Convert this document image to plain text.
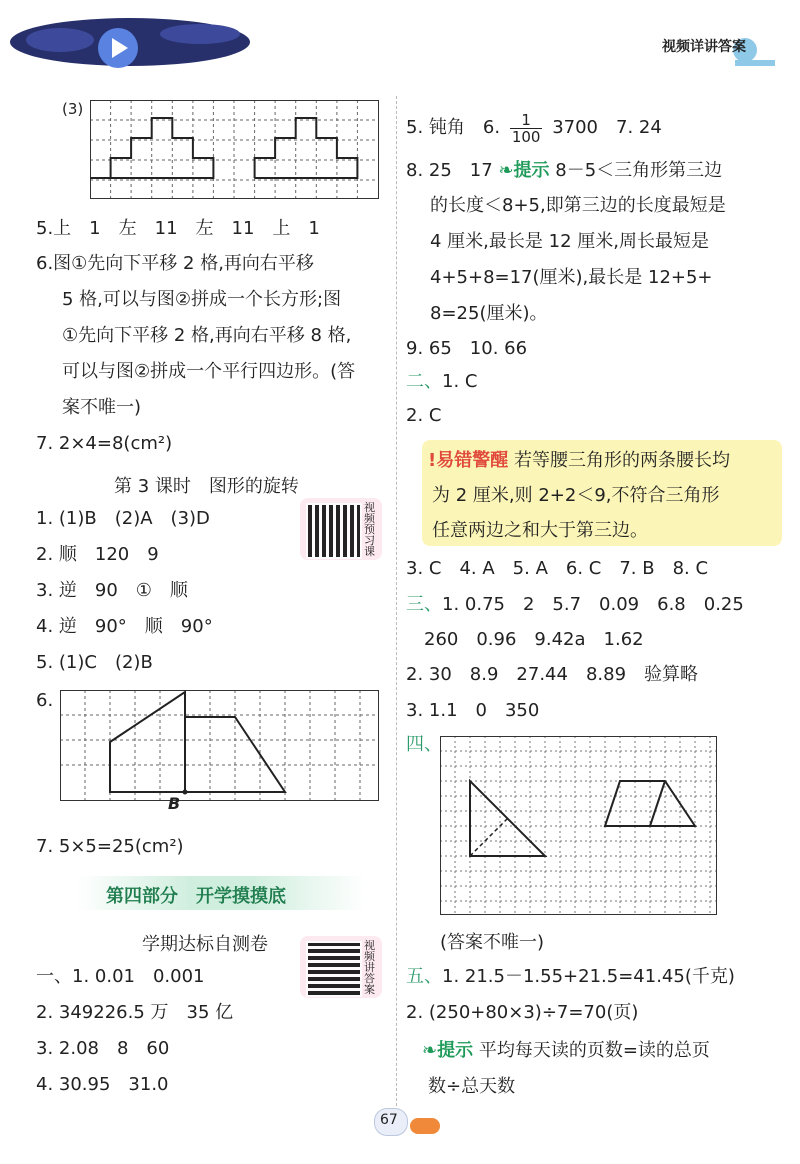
视频详讲答案
(3)
5.上　1　左　11　左　11　上　1
6.图①先向下平移 2 格,再向右平移
5 格,可以与图②拼成一个长方形;图
①先向下平移 2 格,再向右平移 8 格,
可以与图②拼成一个平行四边形。(答
案不唯一)
7. 2×4=8(cm²)
第 3 课时　图形的旋转
视频预习课
1. (1)B　(2)A　(3)D
2. 顺　120　9
3. 逆　90　①　顺
4. 逆　90°　顺　90°
5. (1)C　(2)B
6.
B
7. 5×5=25(cm²)
第四部分　开学摸摸底
学期达标自测卷	视频讲答案
一、1. 0.01　0.001
2. 349226.5 万　35 亿
3. 2.08　8　60
4. 30.95　31.0
5. 钝角　6. $\frac{1}{100} 3700$　7. 24
8. 25　17 ❧提示 8－5＜三角形第三边
的长度＜8+5,即第三边的长度最短是
4 厘米,最长是 12 厘米,周长最短是
4+5+8=17(厘米),最长是 12+5+
8=25(厘米)。
9. 65　10. 66
二、1. C
2. C
!易错警醒 若等腰三角形的两条腰长均
为 2 厘米,则 2+2＜9,不符合三角形
任意两边之和大于第三边。
3. C　4. A　5. A　6. C　7. B　8. C
三、1. 0.75　2　5.7　0.09　6.8　0.25
260　0.96　9.42a　1.62
2. 30　8.9　27.44　8.89　验算略
3. 1.1　0　350
四、
(答案不唯一)
五、1. 21.5－1.55+21.5=41.45(千克)
2. (250+80×3)÷7=70(页)
❧提示 平均每天读的页数=读的总页
数÷总天数
67
